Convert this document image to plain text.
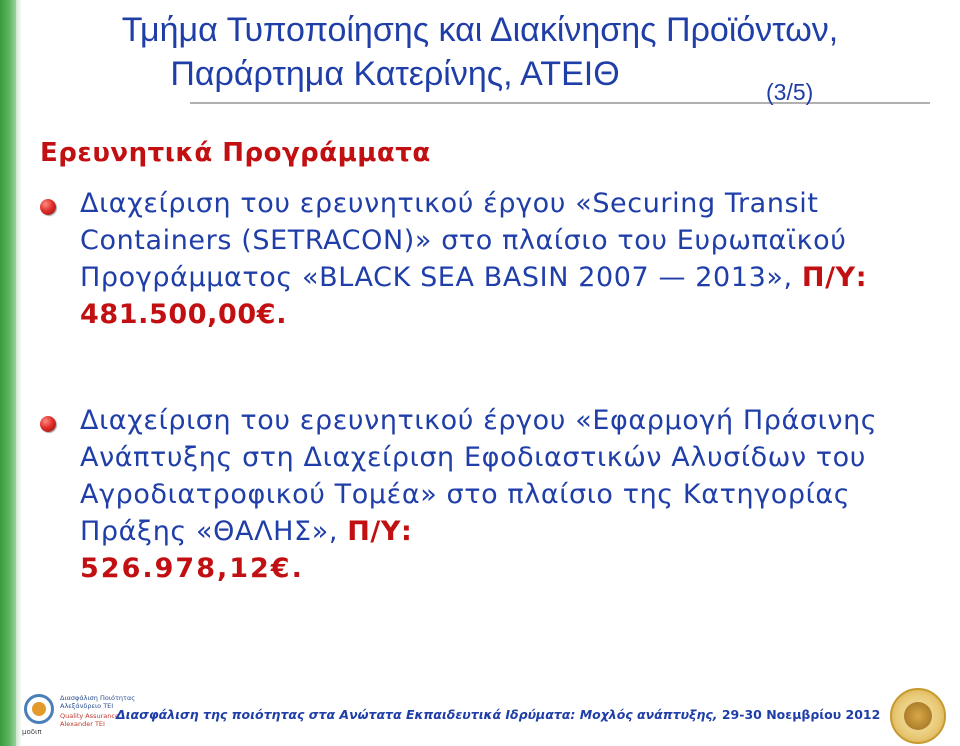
Τμήμα Τυποποίησης και Διακίνησης Προϊόντων,
Παράρτημα Κατερίνης, ΑΤΕΙΘ	(3/5)
Ερευνητικά Προγράμματα
Διαχείριση του ερευνητικού έργου «Securing Transit Containers (SETRACON)» στο πλαίσιο του Ευρωπαϊκού Προγράμματος «BLACK SEA BASIN 2007 — 2013», Π/Υ: 481.500,00€.
Διαχείριση του ερευνητικού έργου «Εφαρμογή Πράσινης Ανάπτυξης στη Διαχείριση Εφοδιαστικών Αλυσίδων του Αγροδιατροφικού Τομέα» στο πλαίσιο της Κατηγορίας Πράξης «ΘΑΛΗΣ», Π/Υ:
526.978,12€.
μοδιπ
Διασφάλιση Ποιότητας
Αλεξάνδρειο ΤΕΙ
Quality Assurance
Alexander TEI
Διασφάλιση της ποιότητας στα Ανώτατα Εκπαιδευτικά Ιδρύματα: Μοχλός ανάπτυξης, 29-30 Νοεμβρίου 2012
